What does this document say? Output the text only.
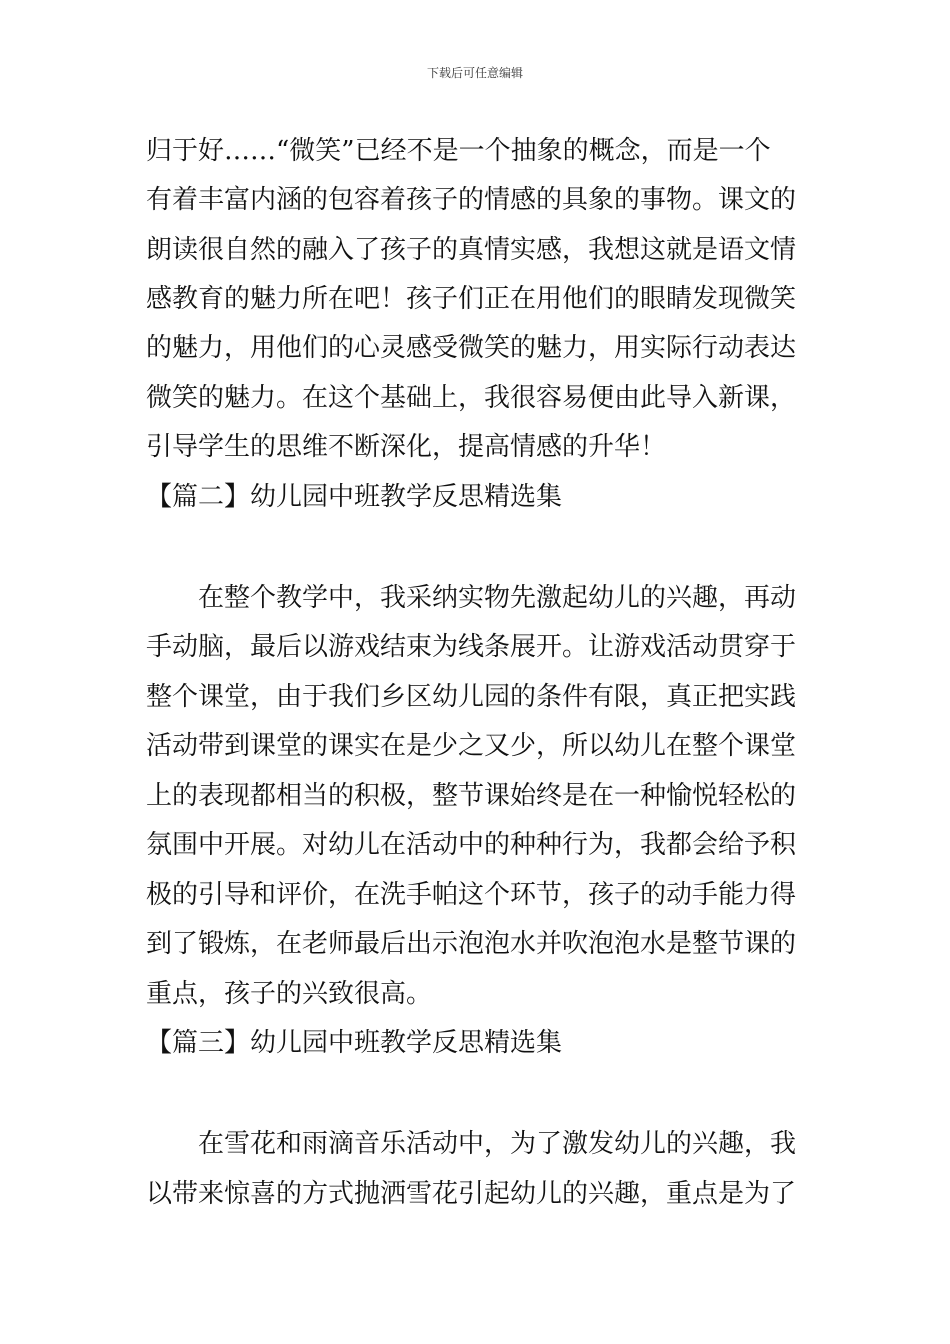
下载后可任意编辑
归于好……“微笑”已经不是一个抽象的概念，而是一个
有着丰富内涵的包容着孩子的情感的具象的事物。课文的
朗读很自然的融入了孩子的真情实感，我想这就是语文情
感教育的魅力所在吧！孩子们正在用他们的眼睛发现微笑
的魅力，用他们的心灵感受微笑的魅力，用实际行动表达
微笑的魅力。在这个基础上，我很容易便由此导入新课，
引导学生的思维不断深化，提高情感的升华！
【篇二】幼儿园中班教学反思精选集
在整个教学中，我采纳实物先激起幼儿的兴趣，再动
手动脑，最后以游戏结束为线条展开。让游戏活动贯穿于
整个课堂，由于我们乡区幼儿园的条件有限，真正把实践
活动带到课堂的课实在是少之又少，所以幼儿在整个课堂
上的表现都相当的积极，整节课始终是在一种愉悦轻松的
氛围中开展。对幼儿在活动中的种种行为，我都会给予积
极的引导和评价，在洗手帕这个环节，孩子的动手能力得
到了锻炼，在老师最后出示泡泡水并吹泡泡水是整节课的
重点，孩子的兴致很高。
【篇三】幼儿园中班教学反思精选集
在雪花和雨滴音乐活动中，为了激发幼儿的兴趣，我
以带来惊喜的方式抛洒雪花引起幼儿的兴趣，重点是为了
